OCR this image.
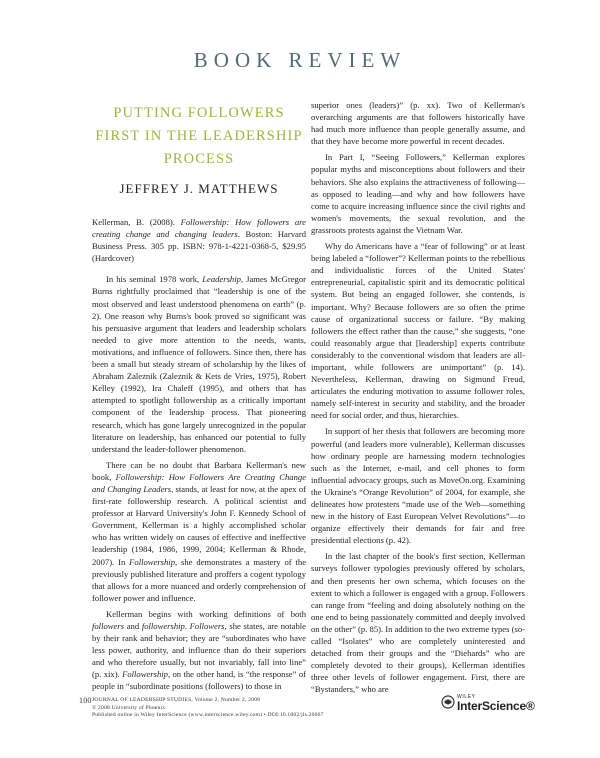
BOOK REVIEW
PUTTING FOLLOWERS FIRST IN THE LEADERSHIP PROCESS
JEFFREY J. MATTHEWS

Kellerman, B. (2008). Followership: How followers are creating change and changing leaders. Boston: Harvard Business Press. 305 pp. ISBN: 978-1-4221-0368-5, $29.95 (Hardcover)

In his seminal 1978 work, Leadership, James McGregor Burns rightfully proclaimed that “leadership is one of the most observed and least understood phenomena on earth” (p. 2). One reason why Burns's book proved so significant was his persuasive argument that leaders and leadership scholars needed to give more attention to the needs, wants, motivations, and influence of followers. Since then, there has been a small but steady stream of scholarship by the likes of Abraham Zaleznik (Zaleznik & Kets de Vries, 1975), Robert Kelley (1992), Ira Chaleff (1995), and others that has attempted to spotlight followership as a critically important component of the leadership process. That pioneering research, which has gone largely unrecognized in the popular literature on leadership, has enhanced our potential to fully understand the leader-follower phenomenon.

There can be no doubt that Barbara Kellerman's new book, Followership: How Followers Are Creating Change and Changing Leaders, stands, at least for now, at the apex of first-rate followership research. A political scientist and professor at Harvard University's John F. Kennedy School of Government, Kellerman is a highly accomplished scholar who has written widely on causes of effective and ineffective leadership (1984, 1986, 1999, 2004; Kellerman & Rhode, 2007). In Followership, she demonstrates a mastery of the previously published literature and proffers a cogent typology that allows for a more nuanced and orderly comprehension of follower power and influence.

Kellerman begins with working definitions of both followers and followership. Followers, she states, are notable by their rank and behavior; they are “subordinates who have less power, authority, and influence than do their superiors and who therefore usually, but not invariably, fall into line” (p. xix). Followership, on the other hand, is “the response” of people in “subordinate positions (followers) to those in

superior ones (leaders)” (p. xx). Two of Kellerman's overarching arguments are that followers historically have had much more influence than people generally assume, and that they have become more powerful in recent decades.

In Part I, “Seeing Followers,” Kellerman explores popular myths and misconceptions about followers and their behaviors. She also explains the attractiveness of following—as opposed to leading—and why and how followers have come to acquire increasing influence since the civil rights and women's movements, the sexual revolution, and the grassroots protests against the Vietnam War.

Why do Americans have a “fear of following” or at least being labeled a “follower”? Kellerman points to the rebellious and individualistic forces of the United States' entrepreneurial, capitalistic spirit and its democratic political system. But being an engaged follower, she contends, is important. Why? Because followers are so often the prime cause of organizational success or failure. “By making followers the effect rather than the cause,” she suggests, “one could reasonably argue that [leadership] experts contribute considerably to the conventional wisdom that leaders are all-important, while followers are unimportant” (p. 14). Nevertheless, Kellerman, drawing on Sigmund Freud, articulates the enduring motivation to assume follower roles, namely self-interest in security and stability, and the broader need for social order, and thus, hierarchies.

In support of her thesis that followers are becoming more powerful (and leaders more vulnerable), Kellerman discusses how ordinary people are harnessing modern technologies such as the Internet, e-mail, and cell phones to form influential advocacy groups, such as MoveOn.org. Examining the Ukraine's “Orange Revolution” of 2004, for example, she delineates how protesters “made use of the Web—something new in the history of East European Velvet Revolutions”—to organize effectively their demands for fair and free presidential elections (p. 42).

In the last chapter of the book's first section, Kellerman surveys follower typologies previously offered by scholars, and then presents her own schema, which focuses on the extent to which a follower is engaged with a group. Followers can range from “feeling and doing absolutely nothing on the one end to being passionately committed and deeply involved on the other” (p. 85). In addition to the two extreme types (so-called “Isolates” who are completely uninterested and detached from their groups and the “Diehards” who are completely devoted to their groups), Kellerman identifies three other levels of follower engagement. First, there are “Bystanders,” who are

100 JOURNAL OF LEADERSHIP STUDIES, Volume 2, Number 2, 2008
© 2008 University of Phoenix
Published online in Wiley InterScience (www.interscience.wiley.com) • DOI:10.1002/jls.20067
WILEY
InterScience®
